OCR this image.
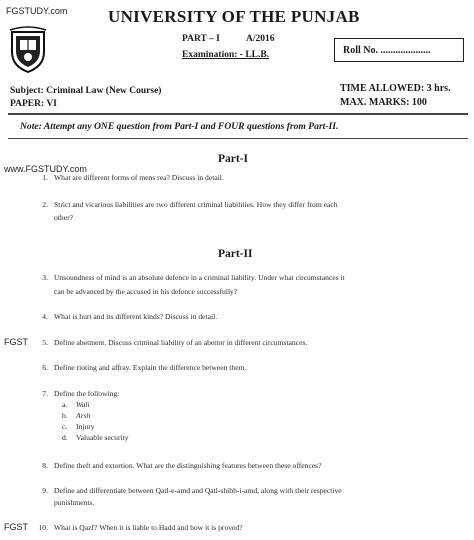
FGSTUDY.com
www.FGSTUDY.com
FGST
FGST
UNIVERSITY OF THE PUNJAB
PART – I	A/2016
Examination: - LL.B.	Roll No. ....................
Subject: Criminal Law (New Course)
PAPER: VI
TIME ALLOWED: 3 hrs.
MAX. MARKS: 100
Note: Attempt any ONE question from Part-I and FOUR questions from Part-II.
Part-I
1. What are different forms of mens rea? Discuss in detail.
2. Strict and vicarious liabilities are two different criminal liabilities. How they differ from each
other?
Part-II
3. Unsoundness of mind is an absolute defence in a criminal liability. Under what circumstances it
can be advanced by the accused in his defence successfully?
4. What is hurt and its different kinds? Discuss in detail.
5. Define abetment. Discuss criminal liability of an abettor in different circumstances.
6. Define rioting and affray. Explain the difference between them.
7. Define the following:
a. Wali
b. Arsh
c. Injury
d. Valuable security
8. Define theft and extortion. What are the distinguishing features between these offences?
9. Define and differentiate between Qatl-e-amd and Qatl-shibh-i-amd, along with their respective
punishments.
10. What is Qazf? When it is liable to Hadd and how it is proved?
